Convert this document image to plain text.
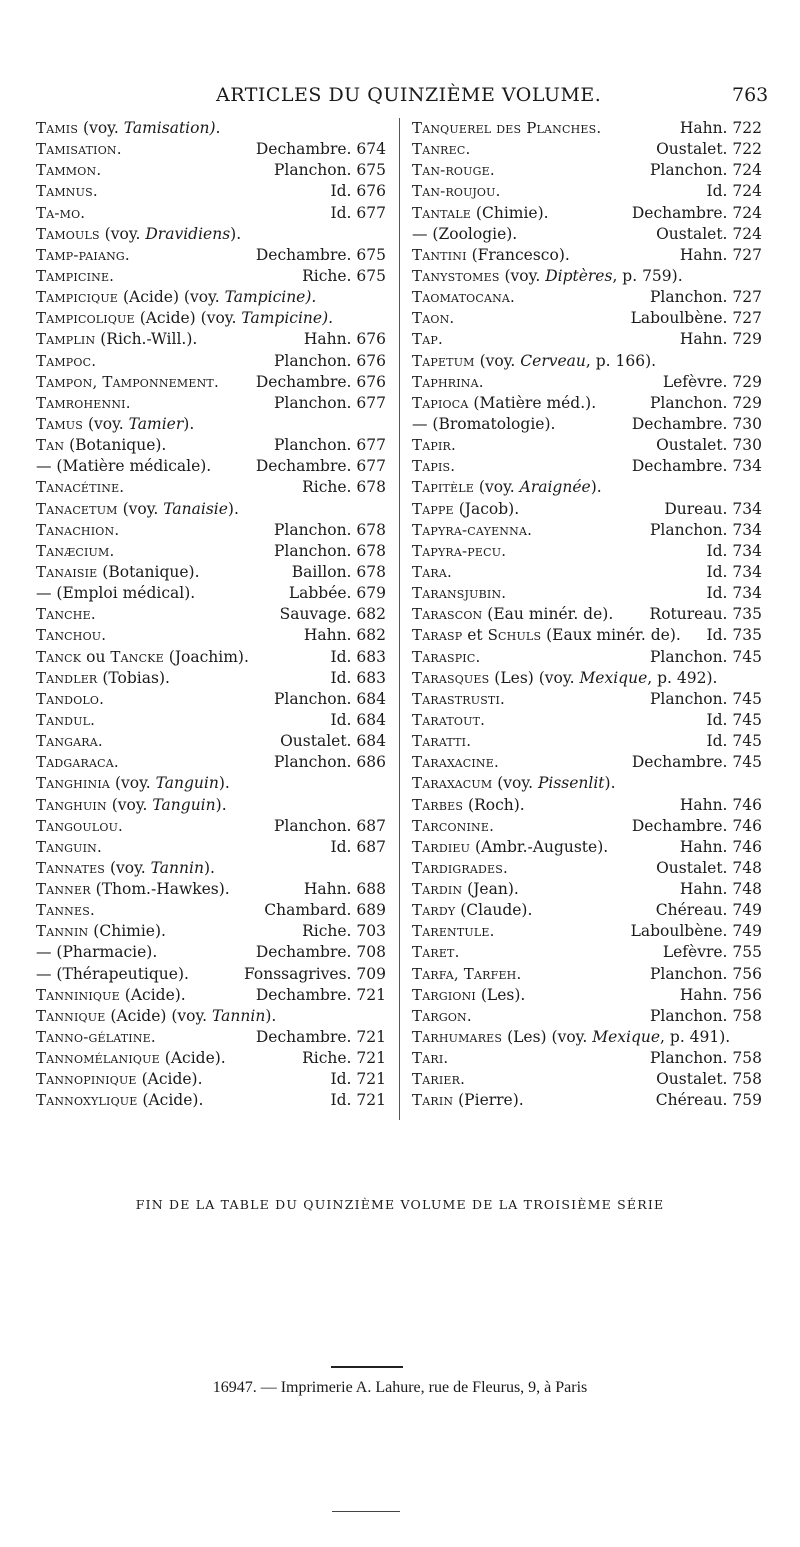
ARTICLES DU QUINZIÈME VOLUME.	763
Tamis (voy. Tamisation).
Tamisation.	Dechambre. 674
Tammon.	Planchon. 675
Tamnus.	Id. 676
Ta-mo.	Id. 677
Tamouls (voy. Dravidiens).
Tamp-paiang.	Dechambre. 675
Tampicine.	Riche. 675
Tampicique (Acide) (voy. Tampicine).
Tampicolique (Acide) (voy. Tampicine).
Tamplin (Rich.-Will.).	Hahn. 676
Tampoc.	Planchon. 676
Tampon, Tamponnement. Dechambre. 676
Tamrohenni.	Planchon. 677
Tamus (voy. Tamier).
Tan (Botanique).	Planchon. 677
— (Matière médicale).	Dechambre. 677
Tanacétine.	Riche. 678
Tanacetum (voy. Tanaisie).
Tanachion.	Planchon. 678
Tanæcium.	Planchon. 678
Tanaisie (Botanique).	Baillon. 678
— (Emploi médical).	Labbée. 679
Tanche.	Sauvage. 682
Tanchou.	Hahn. 682
Tanck ou Tancke (Joachim).	Id. 683
Tandler (Tobias).	Id. 683
Tandolo.	Planchon. 684
Tandul.	Id. 684
Tangara.	Oustalet. 684
Tadgaraca.	Planchon. 686
Tanghinia (voy. Tanguin).
Tanghuin (voy. Tanguin).
Tangoulou.	Planchon. 687
Tanguin.	Id. 687
Tannates (voy. Tannin).
Tanner (Thom.-Hawkes).	Hahn. 688
Tannes.	Chambard. 689
Tannin (Chimie).	Riche. 703
— (Pharmacie).	Dechambre. 708
— (Thérapeutique).	Fonssagrives. 709
Tanninique (Acide).	Dechambre. 721
Tannique (Acide) (voy. Tannin).
Tanno-gélatine.	Dechambre. 721
Tannomélanique (Acide).	Riche. 721
Tannopinique (Acide).	Id. 721
Tannoxylique (Acide).	Id. 721
Tanquerel des Planches.	Hahn. 722
Tanrec.	Oustalet. 722
Tan-rouge.	Planchon. 724
Tan-roujou.	Id. 724
Tantale (Chimie).	Dechambre. 724
— (Zoologie).	Oustalet. 724
Tantini (Francesco).	Hahn. 727
Tanystomes (voy. Diptères, p. 759).
Taomatocana.	Planchon. 727
Taon.	Laboulbène. 727
Tap.	Hahn. 729
Tapetum (voy. Cerveau, p. 166).
Taphrina.	Lefèvre. 729
Tapioca (Matière méd.).	Planchon. 729
— (Bromatologie).	Dechambre. 730
Tapir.	Oustalet. 730
Tapis.	Dechambre. 734
Tapitèle (voy. Araignée).
Tappe (Jacob).	Dureau. 734
Tapyra-cayenna.	Planchon. 734
Tapyra-pecu.	Id. 734
Tara.	Id. 734
Taransjubin.	Id. 734
Tarascon (Eau minér. de). Rotureau. 735
Tarasp et Schuls (Eaux minér. de). Id. 735
Taraspic.	Planchon. 745
Tarasques (Les) (voy. Mexique, p. 492).
Tarastrusti.	Planchon. 745
Taratout.	Id. 745
Taratti.	Id. 745
Taraxacine.	Dechambre. 745
Taraxacum (voy. Pissenlit).
Tarbes (Roch).	Hahn. 746
Tarconine.	Dechambre. 746
Tardieu (Ambr.-Auguste).	Hahn. 746
Tardigrades.	Oustalet. 748
Tardin (Jean).	Hahn. 748
Tardy (Claude).	Chéreau. 749
Tarentule.	Laboulbène. 749
Taret.	Lefèvre. 755
Tarfa, Tarfeh.	Planchon. 756
Targioni (Les).	Hahn. 756
Targon.	Planchon. 758
Tarhumares (Les) (voy. Mexique, p. 491).
Tari.	Planchon. 758
Tarier.	Oustalet. 758
Tarin (Pierre).	Chéreau. 759
FIN DE LA TABLE DU QUINZIÈME VOLUME DE LA TROISIÈME SÉRIE
16947. — Imprimerie A. Lahure, rue de Fleurus, 9, à Paris
